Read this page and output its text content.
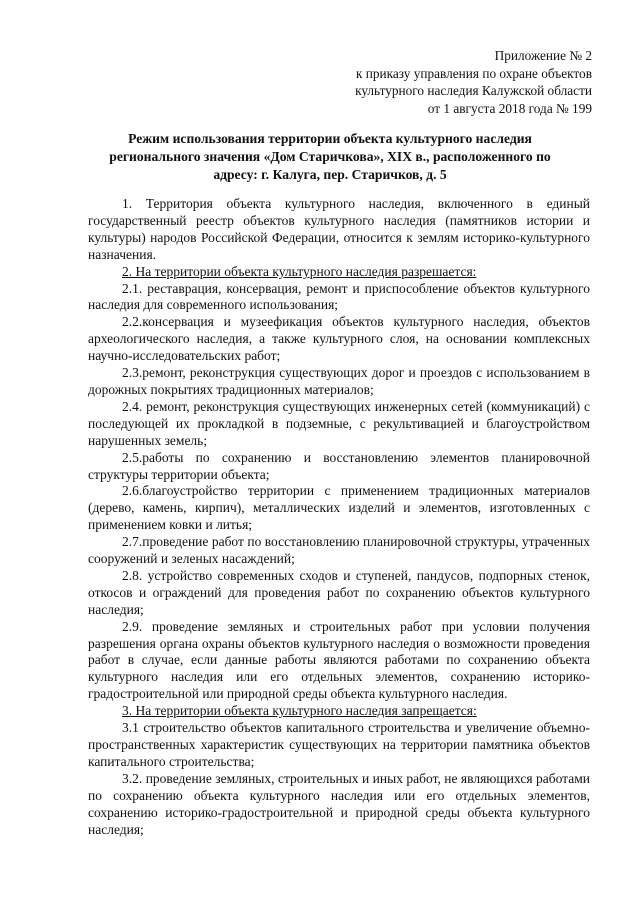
Приложение № 2
к приказу управления по охране объектов
культурного наследия Калужской области
от 1 августа 2018 года № 199
Режим использования территории объекта культурного наследия
регионального значения «Дом Старичкова», XIX в., расположенного по
адресу: г. Калуга, пер. Старичков, д. 5

1. Территория объекта культурного наследия, включенного в единый государственный реестр объектов культурного наследия (памятников истории и культуры) народов Российской Федерации, относится к землям историко-культурного назначения.

2. На территории объекта культурного наследия разрешается:

2.1. реставрация, консервация, ремонт и приспособление объектов культурного наследия для современного использования;

2.2.консервация и музеефикация объектов культурного наследия, объектов археологического наследия, а также культурного слоя, на основании комплексных научно-исследовательских работ;

2.3.ремонт, реконструкция существующих дорог и проездов с использованием в дорожных покрытиях традиционных материалов;

2.4. ремонт, реконструкция существующих инженерных сетей (коммуникаций) с последующей их прокладкой в подземные, с рекультивацией и благоустройством нарушенных земель;

2.5.работы по сохранению и восстановлению элементов планировочной структуры территории объекта;

2.6.благоустройство территории с применением традиционных материалов (дерево, камень, кирпич), металлических изделий и элементов, изготовленных с применением ковки и литья;

2.7.проведение работ по восстановлению планировочной структуры, утраченных сооружений и зеленых насаждений;

2.8. устройство современных сходов и ступеней, пандусов, подпорных стенок, откосов и ограждений для проведения работ по сохранению объектов культурного наследия;

2.9. проведение земляных и строительных работ при условии получения разрешения органа охраны объектов культурного наследия о возможности проведения работ в случае, если данные работы являются работами по сохранению объекта культурного наследия или его отдельных элементов, сохранению историко-градостроительной или природной среды объекта культурного наследия.

3. На территории объекта культурного наследия запрещается:

3.1 строительство объектов капитального строительства и увеличение объемно-пространственных характеристик существующих на территории памятника объектов капитального строительства;

3.2. проведение земляных, строительных и иных работ, не являющихся работами по сохранению объекта культурного наследия или его отдельных элементов, сохранению историко-градостроительной и природной среды объекта культурного наследия;
